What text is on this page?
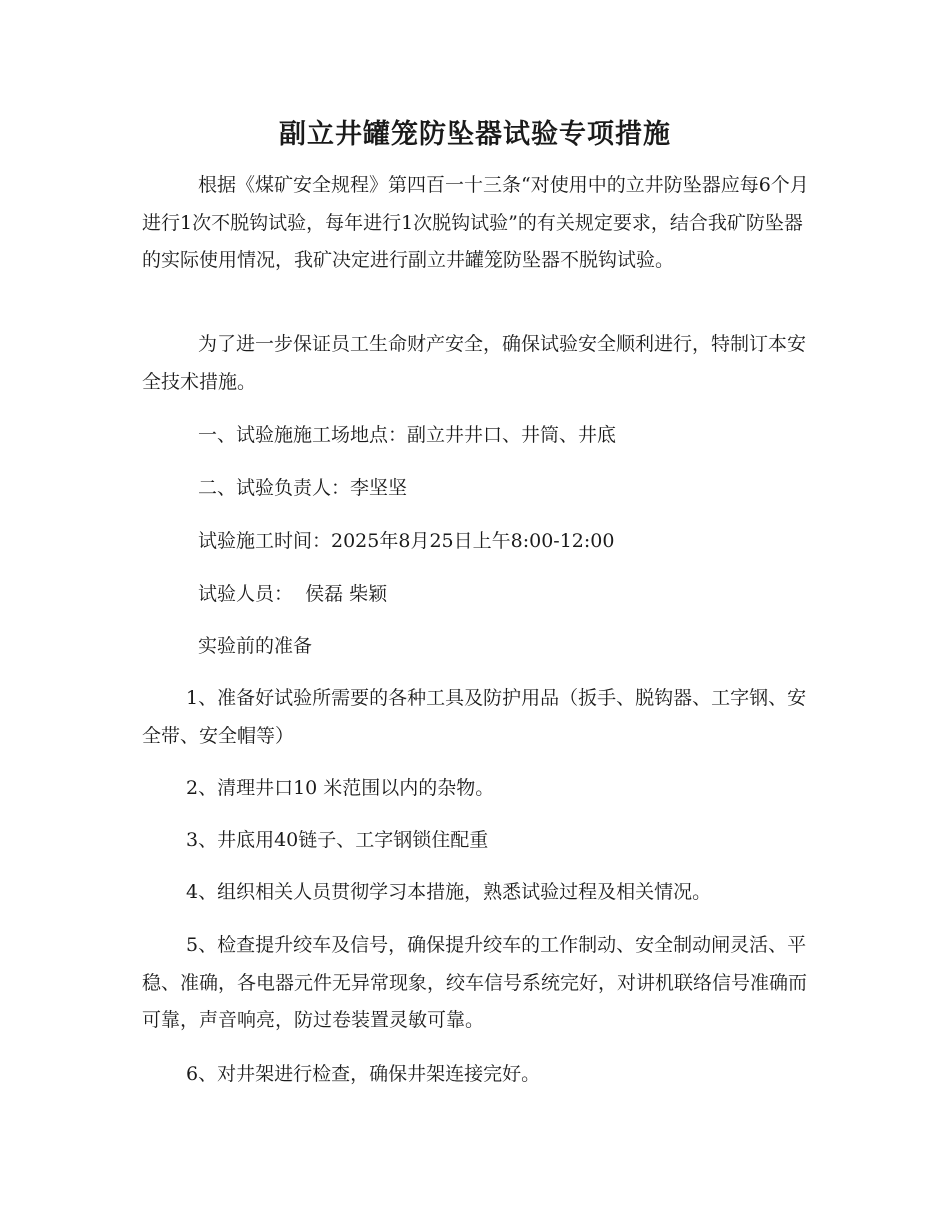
副立井罐笼防坠器试验专项措施

根据《煤矿安全规程》第四百一十三条“对使用中的立井防坠器应每6个月进行1次不脱钩试验，每年进行1次脱钩试验”的有关规定要求，结合我矿防坠器的实际使用情况，我矿决定进行副立井罐笼防坠器不脱钩试验。

为了进一步保证员工生命财产安全，确保试验安全顺利进行，特制订本安全技术措施。

一、试验施施工场地点：副立井井口、井筒、井底
二、试验负责人：李坚坚
试验施工时间：2025年8月25日上午8:00-12:00
试验人员：  侯磊 柴颖
实验前的准备

1、准备好试验所需要的各种工具及防护用品（扳手、脱钩器、工字钢、安全带、安全帽等）

2、清理井口10 米范围以内的杂物。

3、井底用40链子、工字钢锁住配重

4、组织相关人员贯彻学习本措施，熟悉试验过程及相关情况。

5、检查提升绞车及信号，确保提升绞车的工作制动、安全制动闸灵活、平稳、准确，各电器元件无异常现象，绞车信号系统完好，对讲机联络信号准确而可靠，声音响亮，防过卷装置灵敏可靠。

6、对井架进行检查，确保井架连接完好。
